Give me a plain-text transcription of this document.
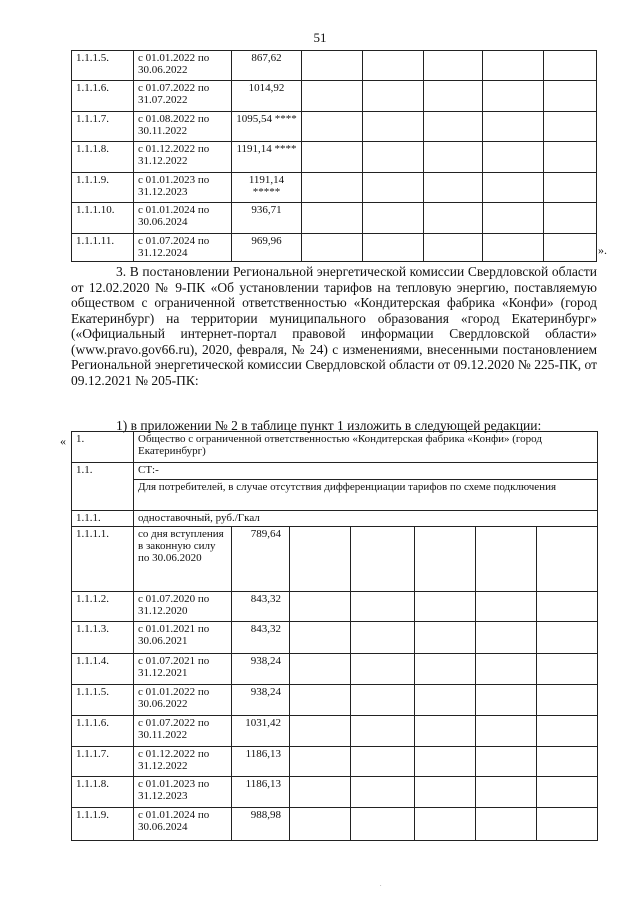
51
1.1.1.5.	с 01.01.2022 по 30.06.2022	867,62					
1.1.1.6.	с 01.07.2022 по 31.07.2022	1014,92					
1.1.1.7.	с 01.08.2022 по 30.11.2022	1095,54 ****					
1.1.1.8.	с 01.12.2022 по 31.12.2022	1191,14 ****					
1.1.1.9.	с 01.01.2023 по 31.12.2023	1191,14 *****					
1.1.1.10.	с 01.01.2024 по 30.06.2024	936,71					
1.1.1.11.	с 01.07.2024 по 31.12.2024	969,96					
».
3. В постановлении Региональной энергетической комиссии Свердловской области от 12.02.2020 № 9-ПК «Об установлении тарифов на тепловую энергию, поставляемую обществом с ограниченной ответственностью «Кондитерская фабрика «Конфи» (город Екатеринбург) на территории муниципального образования «город Екатеринбург» («Официальный интернет-портал правовой информации Свердловской области» (www.pravo.gov66.ru), 2020, февраля, № 24) с изменениями, внесенными постановлением Региональной энергетической комиссии Свердловской области от 09.12.2020 № 225-ПК, от 09.12.2021 № 205-ПК:
1) в приложении № 2 в таблице пункт 1 изложить в следующей редакции:
« 1.	Общество с ограниченной ответственностью «Кондитерская фабрика «Конфи» (город Екатеринбург)						
1.1.	СТ:-						
	Для потребителей, в случае отсутствия дифференциации тарифов по схеме подключения						
1.1.1.	одноставочный, руб./Гкал						
1.1.1.1.	со дня вступления в законную силу по 30.06.2020	789,64					
1.1.1.2.	с 01.07.2020 по 31.12.2020	843,32					
1.1.1.3.	с 01.01.2021 по 30.06.2021	843,32					
1.1.1.4.	с 01.07.2021 по 31.12.2021	938,24					
1.1.1.5.	с 01.01.2022 по 30.06.2022	938,24					
1.1.1.6.	с 01.07.2022 по 30.11.2022	1031,42					
1.1.1.7.	с 01.12.2022 по 31.12.2022	1186,13					
1.1.1.8.	с 01.01.2023 по 31.12.2023	1186,13					
1.1.1.9.	с 01.01.2024 по 30.06.2024	988,98					
.
